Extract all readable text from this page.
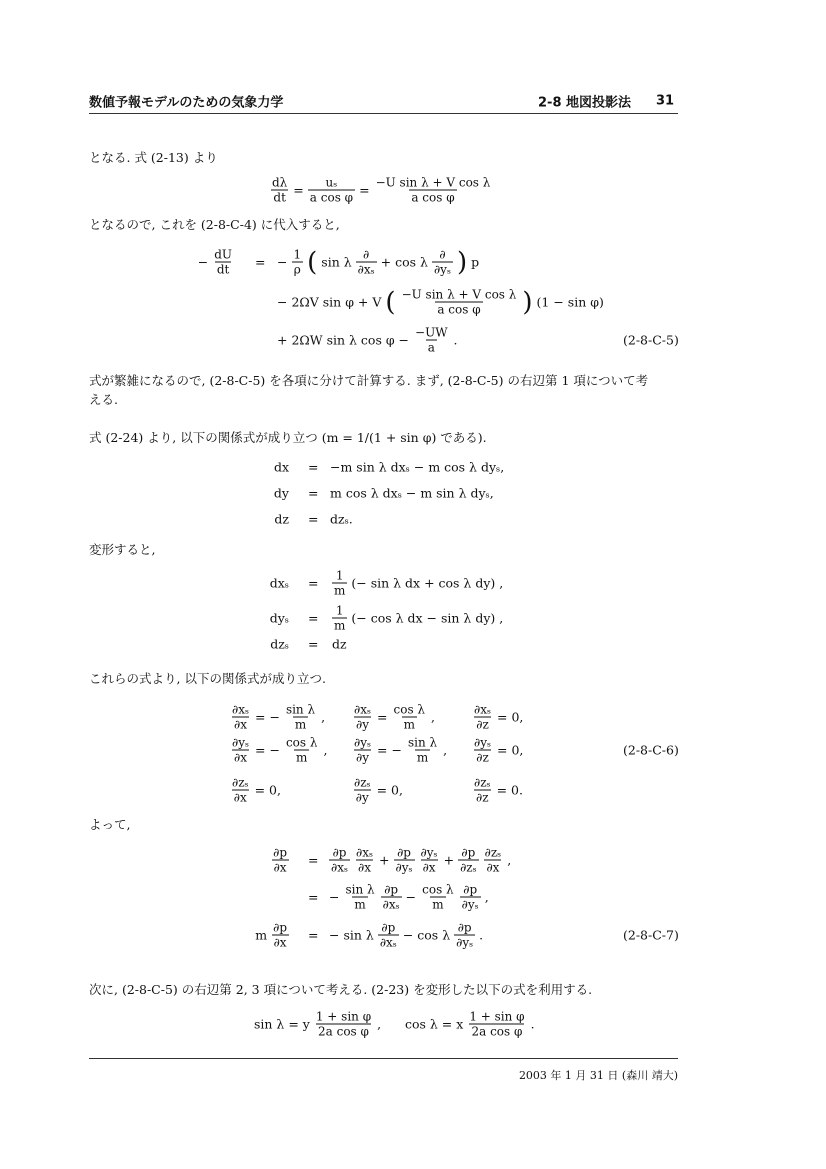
数値予報モデルのための気象力学	2-8 地図投影法 31
となる. 式 (2-13) より
$\frac{d\lambda}{dt} = \frac{\text{uₛ}}{\text{a cos φ}} = \frac{\text{−U sin λ + V cos λ}}{\text{a cos φ}}$
となるので, これを (2-8-C-4) に代入すると,
(2-8-C-5)
式が繁雑になるので, (2-8-C-5) を各項に分けて計算する. まず, (2-8-C-5) の右辺第 1 項について考
える.
式 (2-24) より, 以下の関係式が成り立つ (m = 1/(1 + sin φ) である).
変形すると,
これらの式より, 以下の関係式が成り立つ.
(2-8-C-6)
よって,
(2-8-C-7)
次に, (2-8-C-5) の右辺第 2, 3 項について考える. (2-23) を変形した以下の式を利用する.
sin λ = y $\frac{\text{1 + sin φ}}{\text{2a cos φ}}$ ,
cos λ = x $\frac{\text{1 + sin φ}}{\text{2a cos φ}}$ .
2003 年 1 月 31 日 (森川 靖大)
− $\frac{dU}{dt}$ = − $\frac{1}{\rho}$ ( sin λ ∂
∂xₛ + cos λ ∂
∂yₛ ) p
− 2ΩV sin φ + V ( $\frac{\text{−U sin λ + V cos λ}}{\text{a cos φ}}$ ) (1 − sin φ)
+ 2ΩW sin λ $\cos \varphi - \frac{-UW}{a}$ .
dx = −m sin λ dxₛ − m cos λ dyₛ,
dy = m cos λ dxₛ − m sin λ dyₛ,
dz = dzₛ.
$dx_s = \frac{1}{m}$ (− sin λ dx + cos λ dy) ,
$dy_s = \frac{1}{m}$ (− cos λ dx − sin λ dy) ,
dzₛ = dz
$\frac{\partial p}{\partial x} = \frac{\partial p}{\text{∂xₛ}} \frac{\text{∂xₛ}}{\partial x} + \frac{\partial p}{\text{∂yₛ}} \frac{\text{∂yₛ}}{\partial x} + \frac{\partial p}{\text{∂zₛ}} \frac{\text{∂zₛ}}{\partial x}$ ,
= − $\frac{\text{sin λ}}{m} \frac{\partial p}{\text{∂xₛ}} - \frac{\text{cos λ}}{m} \frac{\partial p}{\text{∂yₛ}}$ ,
m $\frac{\partial p}{\partial x}$ = − sin λ $\frac{\partial p}{\text{∂xₛ}} - \cos \lambda \frac{\partial p}{\text{∂yₛ}}$ .
$\frac{\text{∂xₛ}}{\partial x}$ = − $\frac{\text{sin λ}}{m}$ , $\frac{\text{∂xₛ}}{\partial y} = \frac{\text{cos λ}}{m}$ ,	$\frac{\text{∂xₛ}}{\partial z} = 0$,
$\frac{\text{∂yₛ}}{\partial x}$ = − $\frac{\text{cos λ}}{m}$ , $\frac{\text{∂yₛ}}{\partial y}$ = − $\frac{\text{sin λ}}{m}$ , $\frac{\text{∂yₛ}}{\partial z} = 0$,
$\frac{\text{∂zₛ}}{\partial x} = 0$,	$\frac{\text{∂zₛ}}{\partial y} = 0$,	$\frac{\text{∂zₛ}}{\partial z} = 0$.
